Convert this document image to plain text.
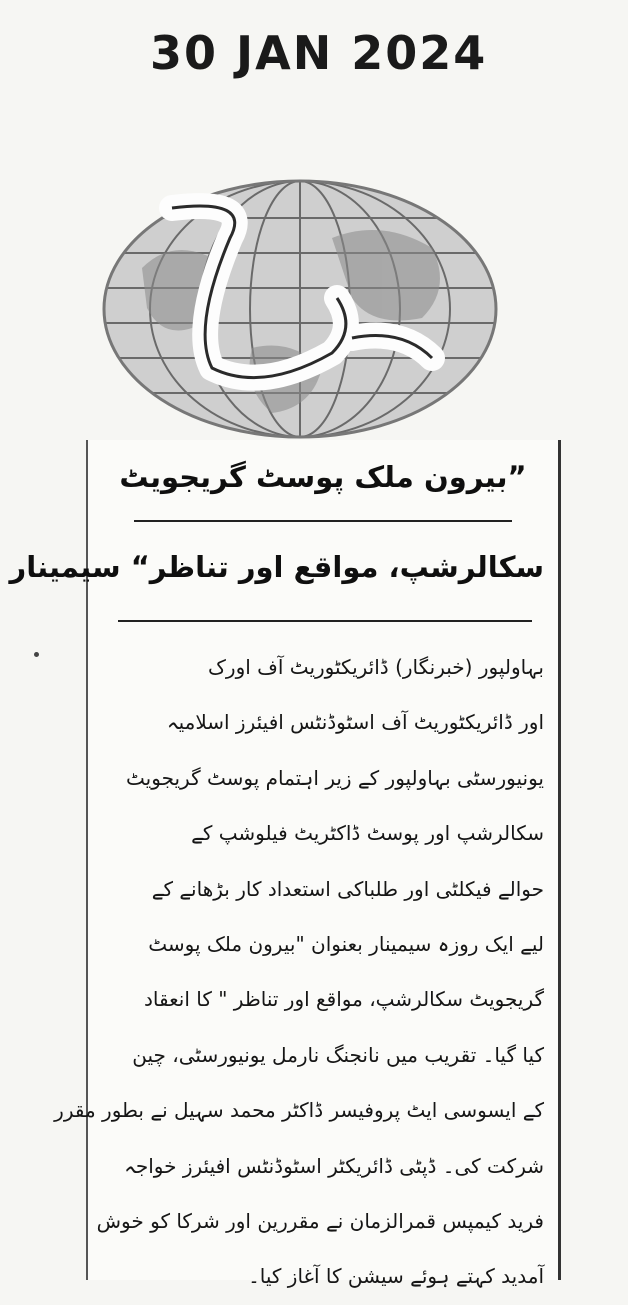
30 JAN 2024
”بیرون ملک پوسٹ گریجویٹ
سکالرشپ، مواقع اور تناظر“ سیمینار
بہاولپور (خبرنگار) ڈائریکٹوریٹ آف اورک
اور ڈائریکٹوریٹ آف اسٹوڈنٹس افیئرز اسلامیہ
یونیورسٹی بہاولپور کے زیر اہتمام پوسٹ گریجویٹ
سکالرشپ اور پوسٹ ڈاکٹریٹ فیلوشپ کے
حوالے فیکلٹی اور طلباکی استعداد کار بڑھانے کے
لیے ایک روزہ سیمینار بعنوان "بیرون ملک پوسٹ
گریجویٹ سکالرشپ، مواقع اور تناظر " کا انعقاد
کیا گیا۔ تقریب میں نانجنگ نارمل یونیورسٹی، چین
کے ایسوسی ایٹ پروفیسر ڈاکٹر محمد سہیل نے بطور مقرر
شرکت کی۔ ڈپٹی ڈائریکٹر اسٹوڈنٹس افیئرز خواجہ
فرید کیمپس قمرالزمان نے مقررین اور شرکا کو خوش
آمدید کہتے ہوئے سیشن کا آغاز کیا۔
